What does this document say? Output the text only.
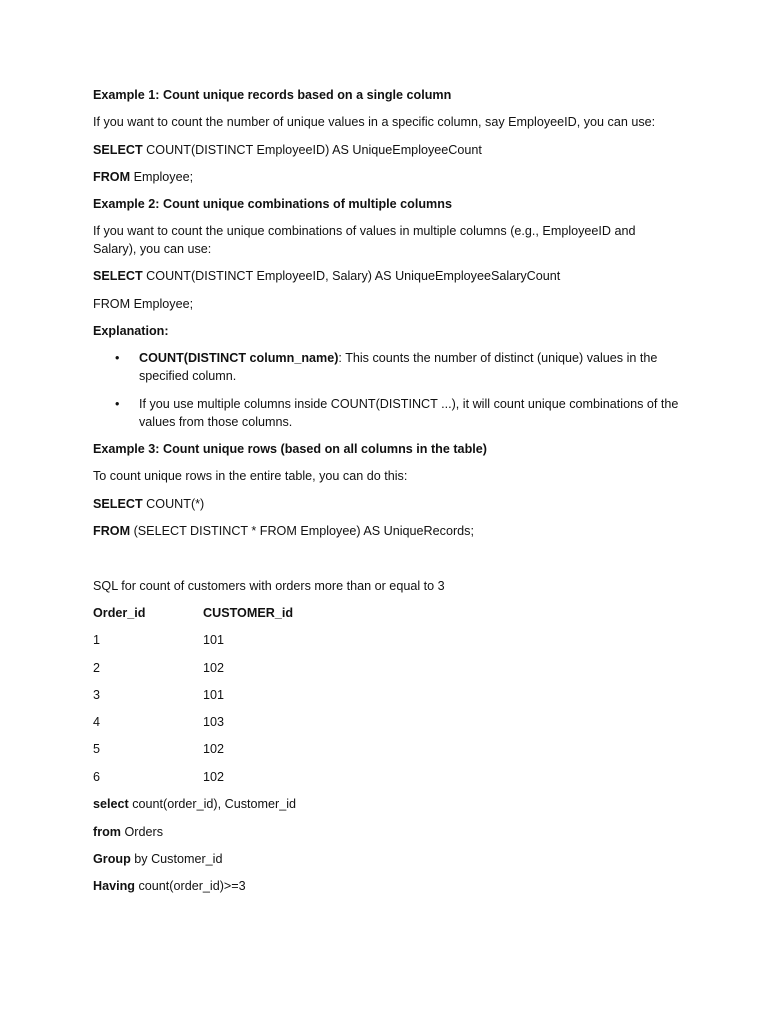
Example 1: Count unique records based on a single column
If you want to count the number of unique values in a specific column, say EmployeeID, you can use:
SELECT COUNT(DISTINCT EmployeeID) AS UniqueEmployeeCount
FROM Employee;
Example 2: Count unique combinations of multiple columns
If you want to count the unique combinations of values in multiple columns (e.g., EmployeeID and Salary), you can use:
SELECT COUNT(DISTINCT EmployeeID, Salary) AS UniqueEmployeeSalaryCount
FROM Employee;
Explanation:
• COUNT(DISTINCT column_name): This counts the number of distinct (unique) values in the specified column.
• If you use multiple columns inside COUNT(DISTINCT ...), it will count unique combinations of the values from those columns.
Example 3: Count unique rows (based on all columns in the table)
To count unique rows in the entire table, you can do this:
SELECT COUNT(*)
FROM (SELECT DISTINCT * FROM Employee) AS UniqueRecords;
SQL for count of customers with orders more than or equal to 3
Order_id	CUSTOMER_id
1	101
2	102
3	101
4	103
5	102
6	102
select count(order_id), Customer_id
from Orders
Group by Customer_id
Having count(order_id)>=3
